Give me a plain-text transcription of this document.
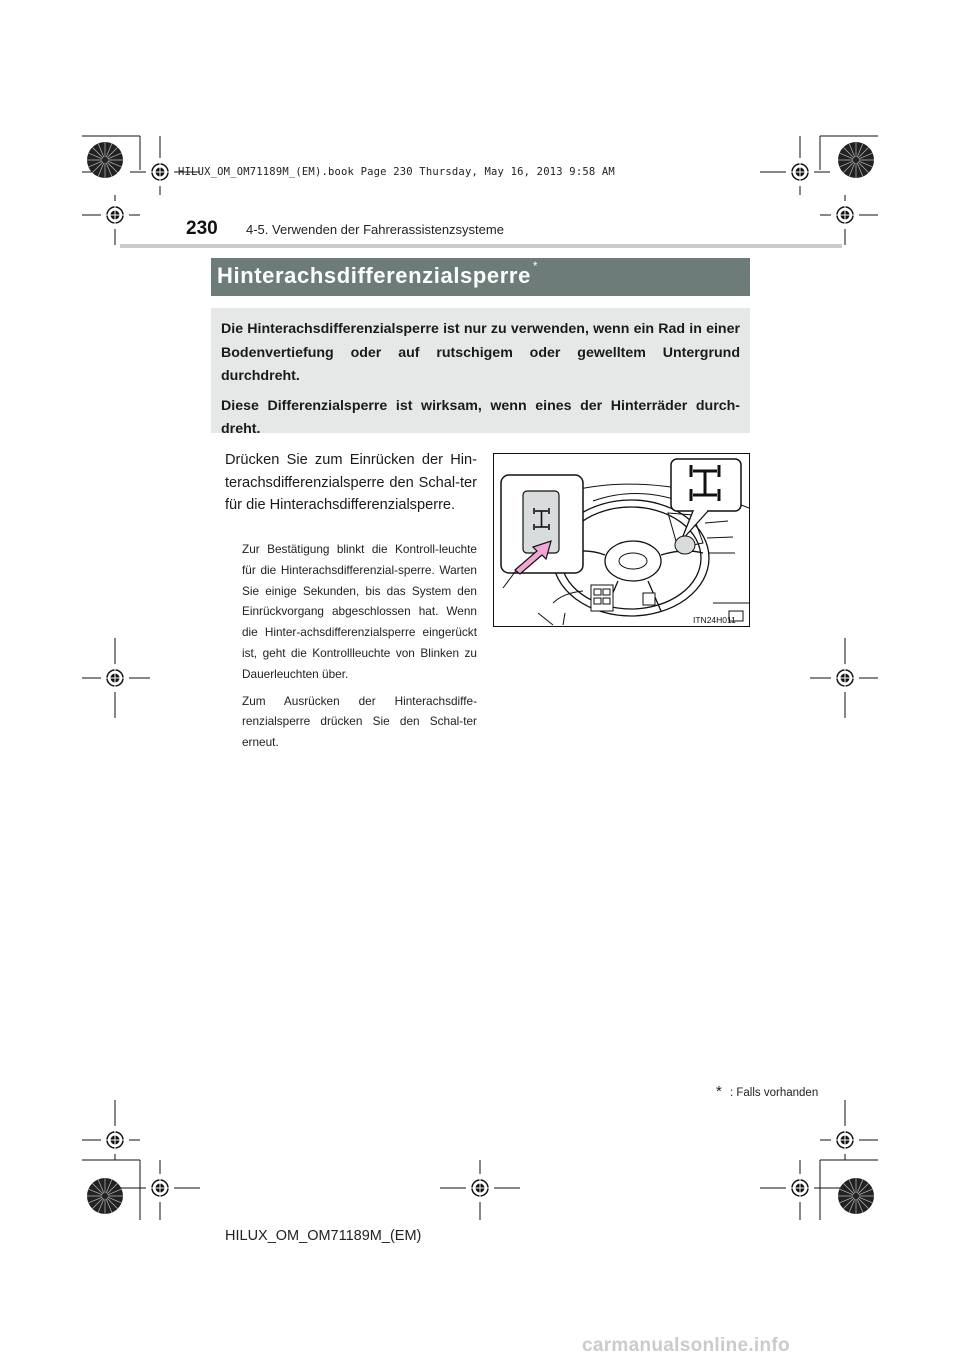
HILUX_OM_OM71189M_(EM).book Page 230 Thursday, May 16, 2013 9:58 AM
230 4-5. Verwenden der Fahrerassistenzsysteme
Hinterachsdifferenzialsperre *

Die Hinterachsdifferenzialsperre ist nur zu verwenden, wenn ein Rad in einer Bodenvertiefung oder auf rutschigem oder gewelltem Untergrund durchdreht.

Diese Differenzialsperre ist wirksam, wenn eines der Hinterräder durch-dreht.

Drücken Sie zum Einrücken der Hin-terachsdifferenzialsperre den Schal-ter für die Hinterachsdifferenzialsperre.

Zur Bestätigung blinkt die Kontroll-leuchte für die Hinterachsdifferenzial-sperre. Warten Sie einige Sekunden, bis das System den Einrückvorgang abgeschlossen hat. Wenn die Hinter-achsdifferenzialsperre eingerückt ist, geht die Kontrollleuchte von Blinken zu Dauerleuchten über.

Zum Ausrücken der Hinterachsdiffe-renzialsperre drücken Sie den Schal-ter erneut.

ITN24H011
* : Falls vorhanden
HILUX_OM_OM71189M_(EM)
carmanualsonline.info
